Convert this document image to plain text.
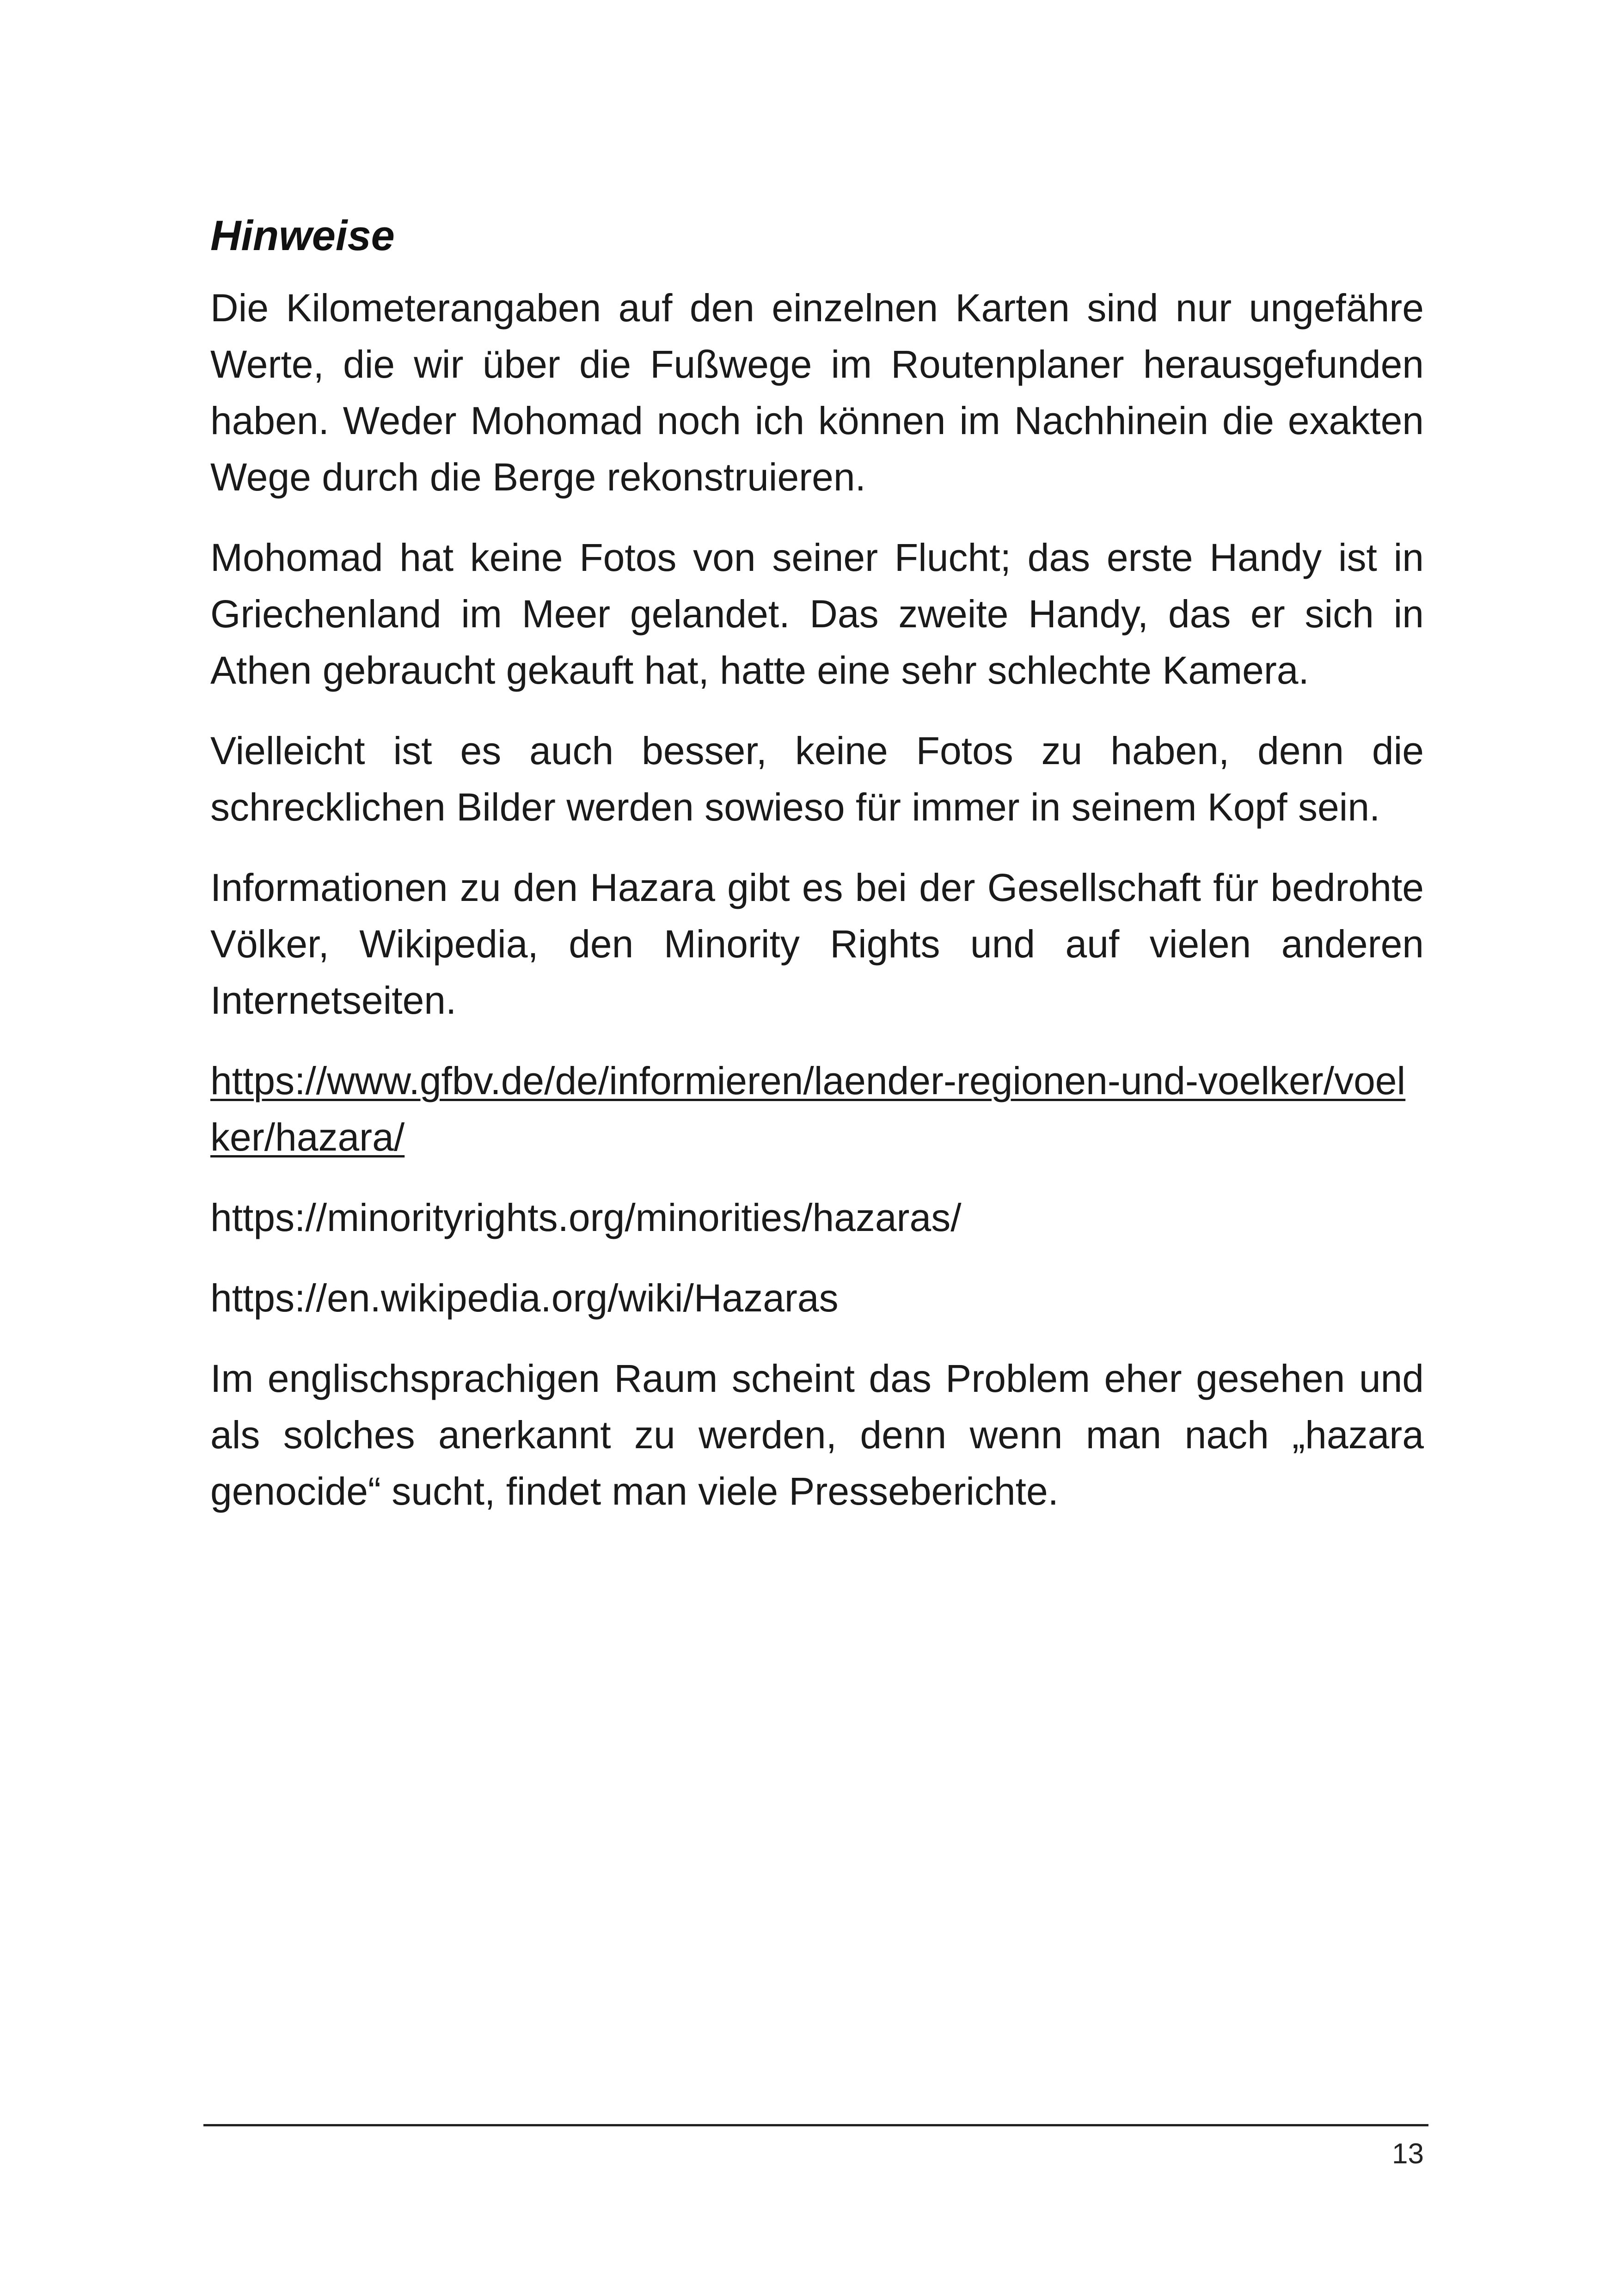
Hinweise

Die Kilometerangaben auf den einzelnen Karten sind nur ungefähre Werte, die wir über die Fußwege im Routenplaner herausgefunden haben. Weder Mohomad noch ich können im Nachhinein die exakten Wege durch die Berge rekonstruieren.

Mohomad hat keine Fotos von seiner Flucht; das erste Handy ist in Griechenland im Meer gelandet. Das zweite Handy, das er sich in Athen gebraucht gekauft hat, hatte eine sehr schlechte Kamera.

Vielleicht ist es auch besser, keine Fotos zu haben, denn die schrecklichen Bilder werden sowieso für immer in seinem Kopf sein.

Informationen zu den Hazara gibt es bei der Gesellschaft für bedrohte Völker, Wikipedia, den Minority Rights und auf vielen anderen Internetseiten.

https://www.gfbv.de/de/informieren/laender-regionen-und-voelker/voelker/hazara/

https://minorityrights.org/minorities/hazaras/

https://en.wikipedia.org/wiki/Hazaras

Im englischsprachigen Raum scheint das Problem eher gesehen und als solches anerkannt zu werden, denn wenn man nach „hazara genocide“ sucht, findet man viele Presseberichte.

13
